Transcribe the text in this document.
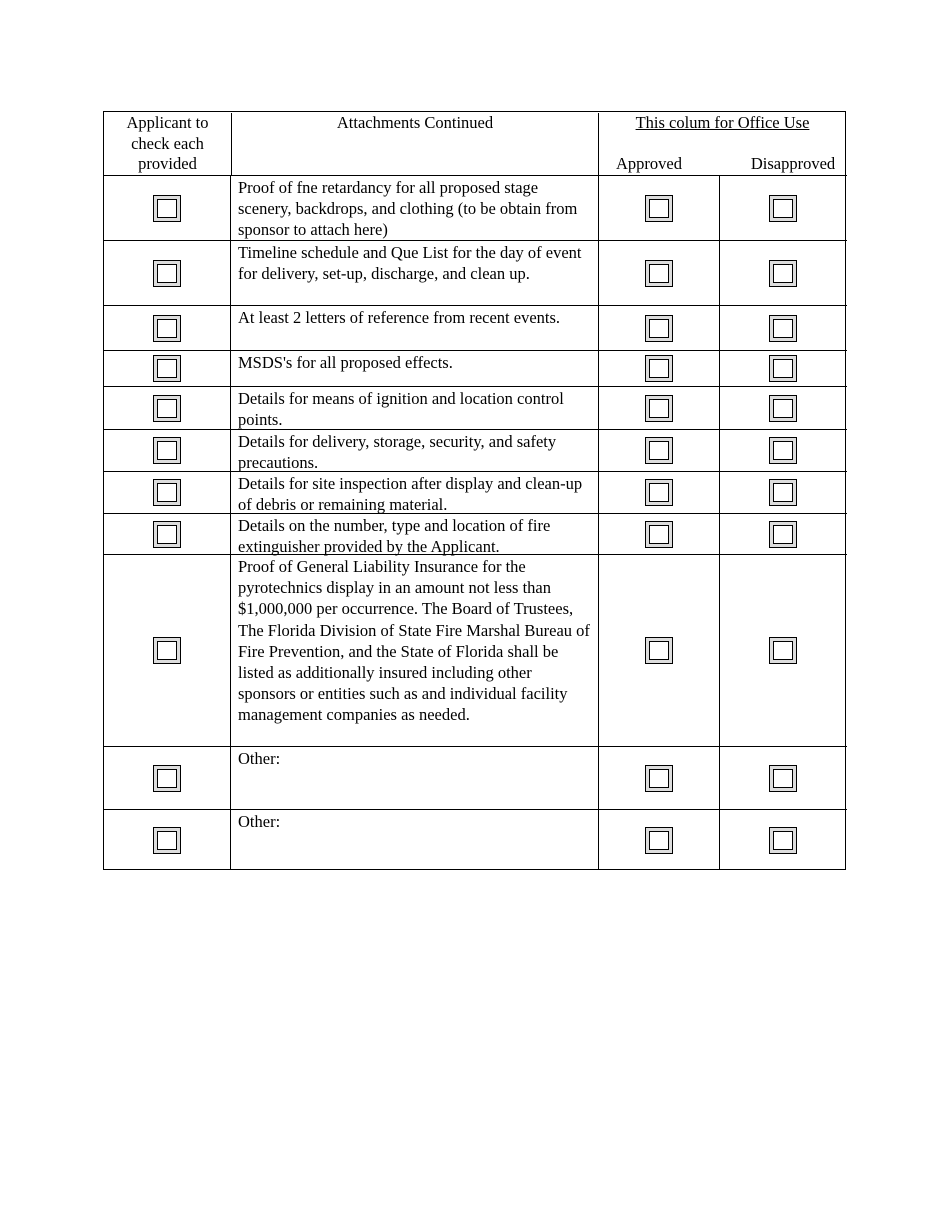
Applicant to
check each
provided
Attachments Continued	This colum for Office Use
Approved	Disapproved
Proof of fne retardancy for all proposed stage scenery, backdrops, and clothing (to be obtain from sponsor to attach here)
Timeline schedule and Que List for the day of event for delivery, set-up, discharge, and clean up.
At least 2 letters of reference from recent events.
MSDS's for all proposed effects.
Details for means of ignition and location control points.
Details for delivery, storage, security, and safety precautions.
Details for site inspection after display and clean-up of debris or remaining material.
Details on the number, type and location of fire extinguisher provided by the Applicant.
Proof of General Liability Insurance for the pyrotechnics display in an amount not less than $1,000,000 per occurrence. The Board of Trustees, The Florida Division of State Fire Marshal Bureau of Fire Prevention, and the State of Florida shall be listed as additionally insured including other sponsors or entities such as and individual facility management companies as needed.
Other:
Other:
